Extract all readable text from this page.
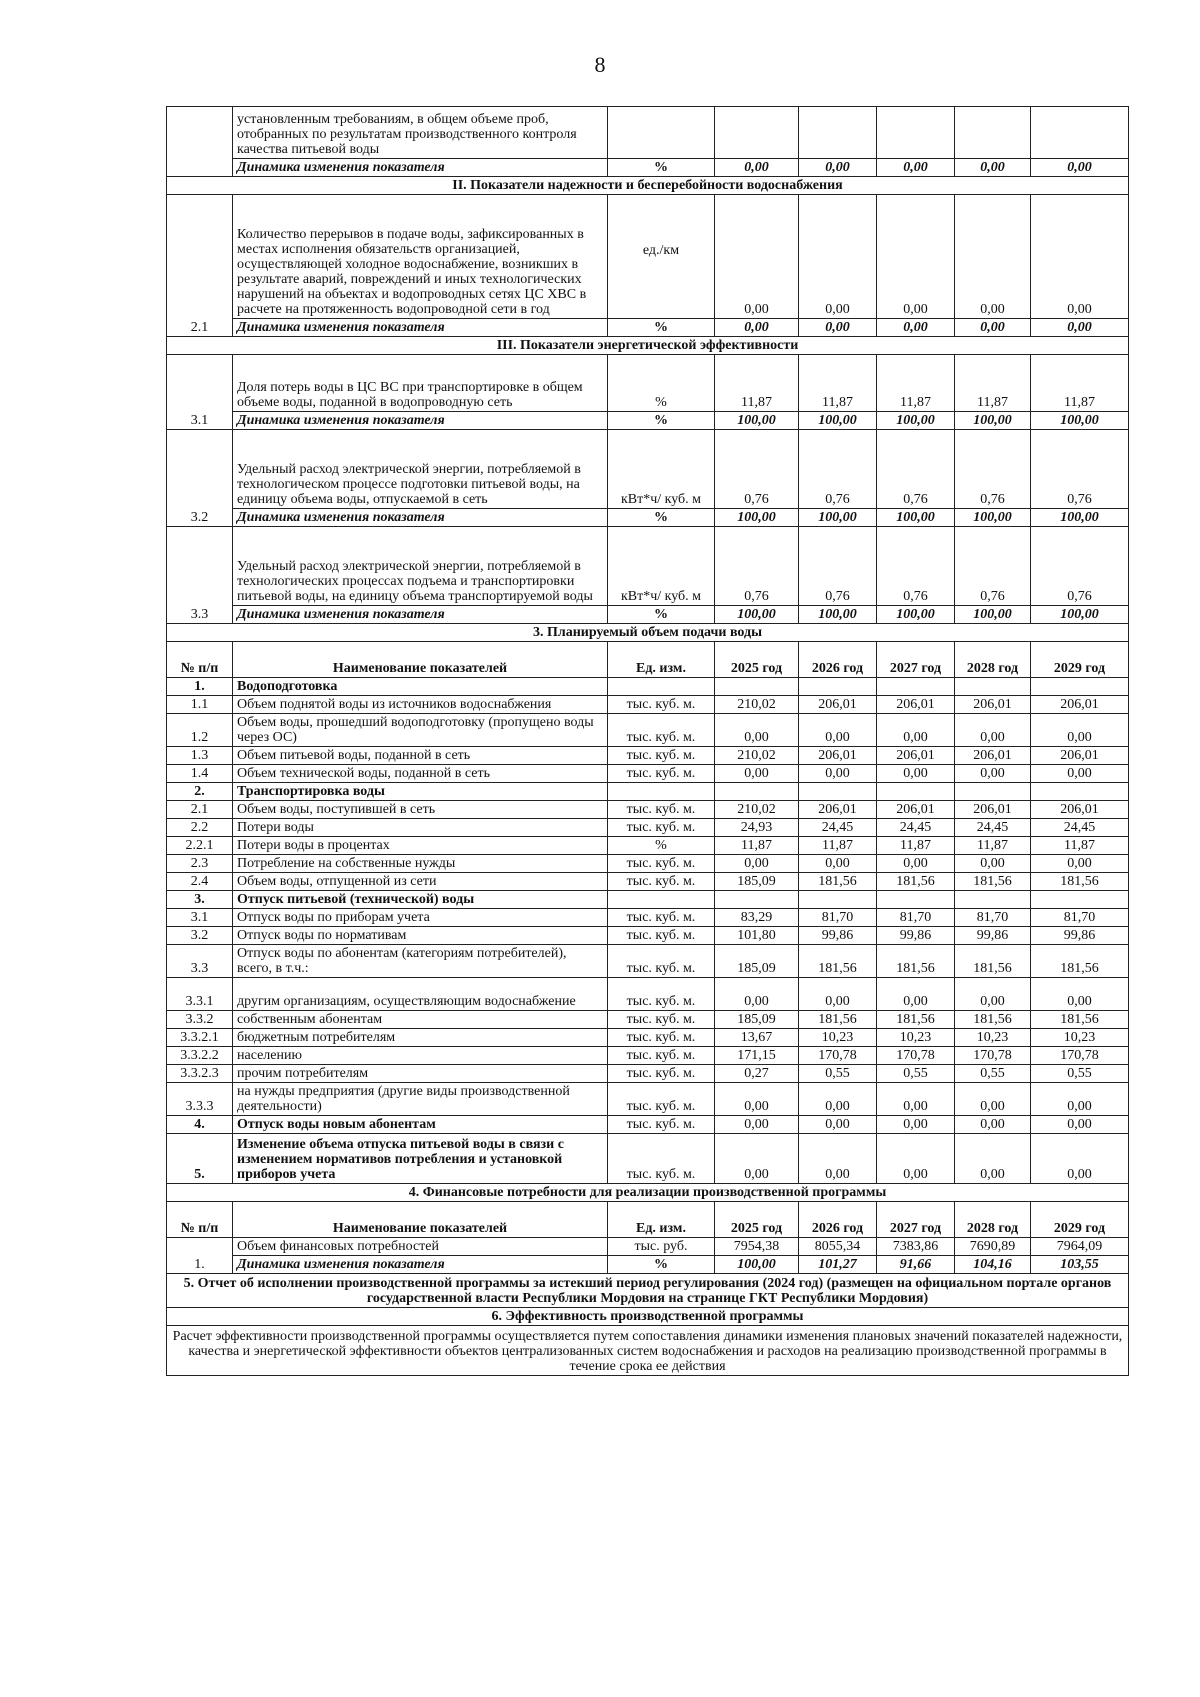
8
	установленным требованиям, в общем объеме проб, отобранных по результатам производственного контроля качества питьевой воды						
	Динамика изменения показателя	%	0,00	0,00	0,00	0,00	0,00
II. Показатели надежности и бесперебойности водоснабжения							
2.1	Количество перерывов в подаче воды, зафиксированных в местах исполнения обязательств организацией, осуществляющей холодное водоснабжение, возникших в результате аварий, повреждений и иных технологических нарушений на объектах и водопроводных сетях ЦС ХВС в расчете на протяженность водопроводной сети в год	ед./км	0,00	0,00	0,00	0,00	0,00
	Динамика изменения показателя	%	0,00	0,00	0,00	0,00	0,00
III. Показатели энергетической эффективности							
3.1	Доля потерь воды в ЦС ВС при транспортировке в общем объеме воды, поданной в водопроводную сеть	%	11,87	11,87	11,87	11,87	11,87
	Динамика изменения показателя	%	100,00	100,00	100,00	100,00	100,00
3.2	Удельный расход электрической энергии, потребляемой в технологическом процессе подготовки питьевой воды, на единицу объема воды, отпускаемой в сеть	кВт*ч/ куб. м	0,76	0,76	0,76	0,76	0,76
	Динамика изменения показателя	%	100,00	100,00	100,00	100,00	100,00
3.3	Удельный расход электрической энергии, потребляемой в технологических процессах подъема и транспортировки питьевой воды, на единицу объема транспортируемой воды	кВт*ч/ куб. м	0,76	0,76	0,76	0,76	0,76
	Динамика изменения показателя	%	100,00	100,00	100,00	100,00	100,00
3. Планируемый объем подачи воды							
№ п/п	Наименование показателей	Ед. изм.	2025 год	2026 год	2027 год	2028 год	2029 год
1.	Водоподготовка						
1.1	Объем поднятой воды из источников водоснабжения	тыс. куб. м.	210,02	206,01	206,01	206,01	206,01
1.2	Объем воды, прошедший водоподготовку (пропущено воды через ОС)	тыс. куб. м.	0,00	0,00	0,00	0,00	0,00
1.3	Объем питьевой воды, поданной в сеть	тыс. куб. м.	210,02	206,01	206,01	206,01	206,01
1.4	Объем технической воды, поданной в сеть	тыс. куб. м.	0,00	0,00	0,00	0,00	0,00
2.	Транспортировка воды						
2.1	Объем воды, поступившей в сеть	тыс. куб. м.	210,02	206,01	206,01	206,01	206,01
2.2	Потери воды	тыс. куб. м.	24,93	24,45	24,45	24,45	24,45
2.2.1	Потери воды в процентах	%	11,87	11,87	11,87	11,87	11,87
2.3	Потребление на собственные нужды	тыс. куб. м.	0,00	0,00	0,00	0,00	0,00
2.4	Объем воды, отпущенной из сети	тыс. куб. м.	185,09	181,56	181,56	181,56	181,56
3.	Отпуск питьевой (технической) воды						
3.1	Отпуск воды по приборам учета	тыс. куб. м.	83,29	81,70	81,70	81,70	81,70
3.2	Отпуск воды по нормативам	тыс. куб. м.	101,80	99,86	99,86	99,86	99,86
3.3	Отпуск воды по абонентам (категориям потребителей), всего, в т.ч.:	тыс. куб. м.	185,09	181,56	181,56	181,56	181,56
3.3.1	другим организациям, осуществляющим водоснабжение	тыс. куб. м.	0,00	0,00	0,00	0,00	0,00
3.3.2	собственным абонентам	тыс. куб. м.	185,09	181,56	181,56	181,56	181,56
3.3.2.1	бюджетным потребителям	тыс. куб. м.	13,67	10,23	10,23	10,23	10,23
3.3.2.2	населению	тыс. куб. м.	171,15	170,78	170,78	170,78	170,78
3.3.2.3	прочим потребителям	тыс. куб. м.	0,27	0,55	0,55	0,55	0,55
3.3.3	на нужды предприятия (другие виды производственной деятельности)	тыс. куб. м.	0,00	0,00	0,00	0,00	0,00
4.	Отпуск воды новым абонентам	тыс. куб. м.	0,00	0,00	0,00	0,00	0,00
5.	Изменение объема отпуска питьевой воды в связи с изменением нормативов потребления и установкой приборов учета	тыс. куб. м.	0,00	0,00	0,00	0,00	0,00
4. Финансовые потребности для реализации производственной программы							
№ п/п	Наименование показателей	Ед. изм.	2025 год	2026 год	2027 год	2028 год	2029 год
1.	Объем финансовых потребностей	тыс. руб.	7954,38	8055,34	7383,86	7690,89	7964,09
	Динамика изменения показателя	%	100,00	101,27	91,66	104,16	103,55
5. Отчет об исполнении производственной программы за истекший период регулирования (2024 год) (размещен на официальном портале органов государственной власти Республики Мордовия на странице ГКТ Республики Мордовия)							
6. Эффективность производственной программы							
Расчет эффективности производственной программы осуществляется путем сопоставления динамики изменения плановых значений показателей надежности, качества и энергетической эффективности объектов централизованных систем водоснабжения и расходов на реализацию производственной программы в течение срока ее действия							
